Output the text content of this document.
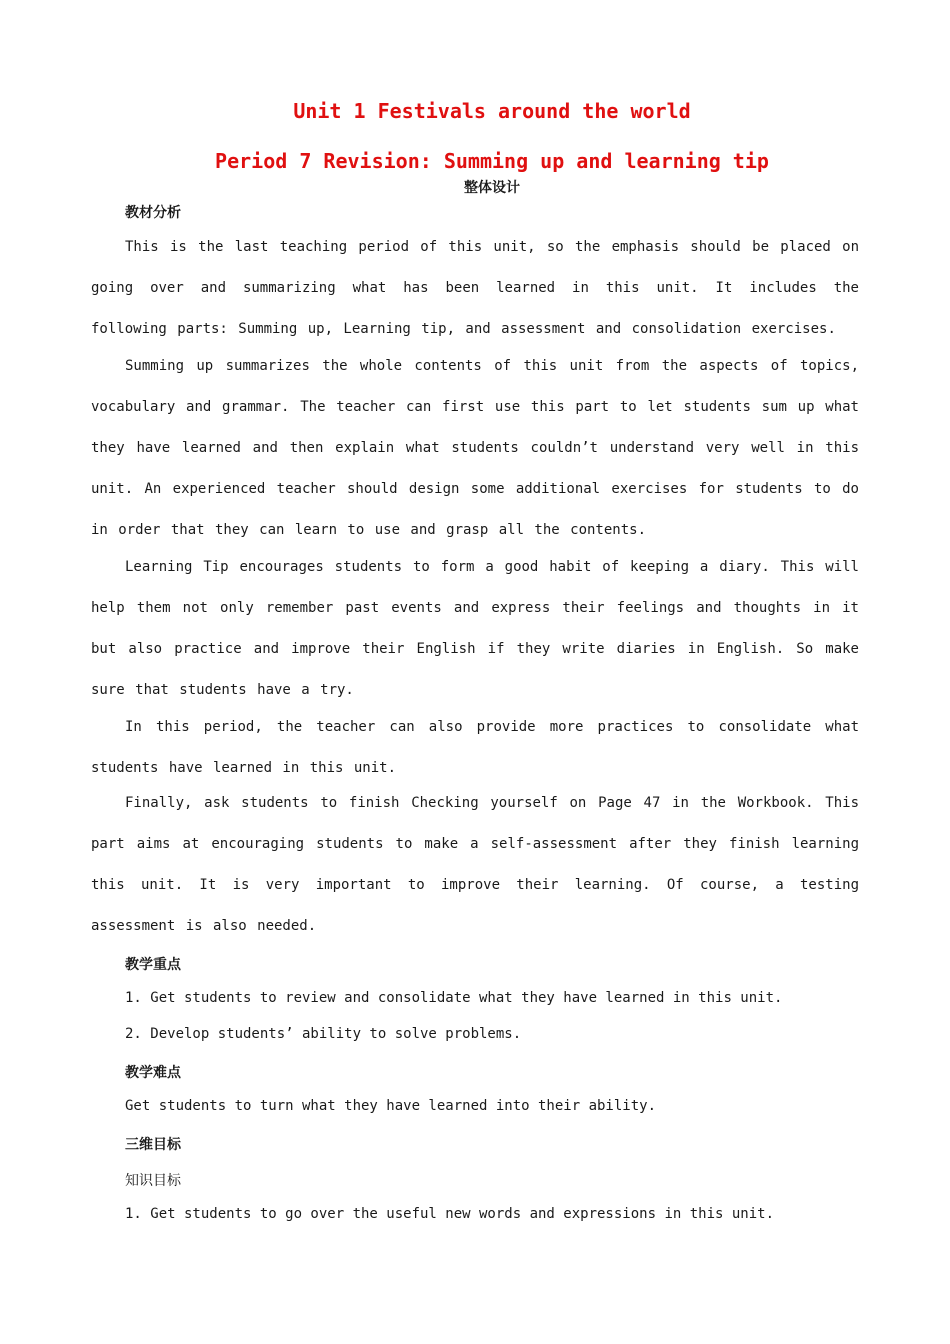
Unit 1 Festivals around the world
Period 7 Revision: Summing up and learning tip
整体设计
教材分析
This is the last teaching period of this unit, so the emphasis should be placed on going over and summarizing what has been learned in this unit. It includes the following parts: Summing up, Learning tip, and assessment and consolidation exercises.
Summing up summarizes the whole contents of this unit from the aspects of topics, vocabulary and grammar. The teacher can first use this part to let students sum up what they have learned and then explain what students couldn’t understand very well in this unit. An experienced teacher should design some additional exercises for students to do in order that they can learn to use and grasp all the contents.
Learning Tip encourages students to form a good habit of keeping a diary. This will help them not only remember past events and express their feelings and thoughts in it but also practice and improve their English if they write diaries in English. So make sure that students have a try.
In this period, the teacher can also provide more practices to consolidate what students have learned in this unit.
Finally, ask students to finish Checking yourself on Page 47 in the Workbook. This part aims at encouraging students to make a self-assessment after they finish learning this unit. It is very important to improve their learning. Of course, a testing assessment is also needed.
教学重点
1. Get students to review and consolidate what they have learned in this unit.
2. Develop students’ ability to solve problems.
教学难点
Get students to turn what they have learned into their ability.
三维目标
知识目标
1. Get students to go over the useful new words and expressions in this unit.
